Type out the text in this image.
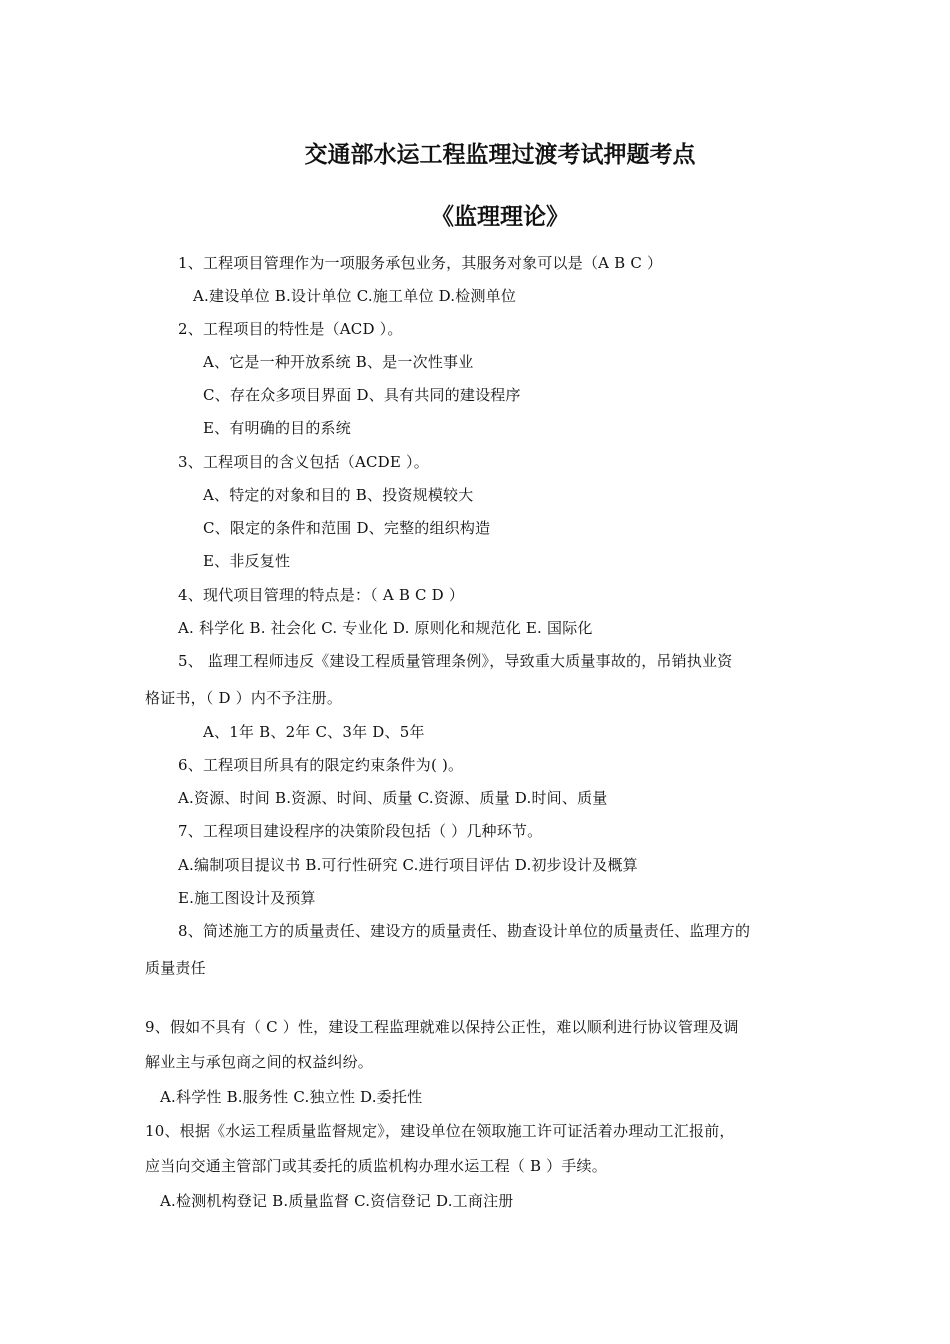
交通部水运工程监理过渡考试押题考点
《监理理论》
1、工程项目管理作为一项服务承包业务，其服务对象可以是（A B C ）
A.建设单位 B.设计单位 C.施工单位 D.检测单位
2、工程项目的特性是（ACD ）。
A、它是一种开放系统 B、是一次性事业
C、存在众多项目界面 D、具有共同的建设程序
E、有明确的目的系统
3、工程项目的含义包括（ACDE ）。
A、特定的对象和目的 B、投资规模较大
C、限定的条件和范围 D、完整的组织构造
E、非反复性
4、现代项目管理的特点是：（ A B C D ）
A. 科学化 B. 社会化 C. 专业化 D. 原则化和规范化 E. 国际化
5、 监理工程师违反《建设工程质量管理条例》，导致重大质量事故的，吊销执业资
格证书，（ D ）内不予注册。
A、1年 B、2年 C、3年 D、5年
6、工程项目所具有的限定约束条件为( )。
A.资源、时间 B.资源、时间、质量 C.资源、质量 D.时间、质量
7、工程项目建设程序的决策阶段包括（ ）几种环节。
A.编制项目提议书 B.可行性研究 C.进行项目评估 D.初步设计及概算
E.施工图设计及预算
8、简述施工方的质量责任、建设方的质量责任、勘查设计单位的质量责任、监理方的
质量责任
9、假如不具有（ C ）性，建设工程监理就难以保持公正性，难以顺利进行协议管理及调
解业主与承包商之间的权益纠纷。
A.科学性 B.服务性 C.独立性 D.委托性
10、根据《水运工程质量监督规定》，建设单位在领取施工许可证活着办理动工汇报前，
应当向交通主管部门或其委托的质监机构办理水运工程（ B ）手续。
A.检测机构登记 B.质量监督 C.资信登记 D.工商注册
